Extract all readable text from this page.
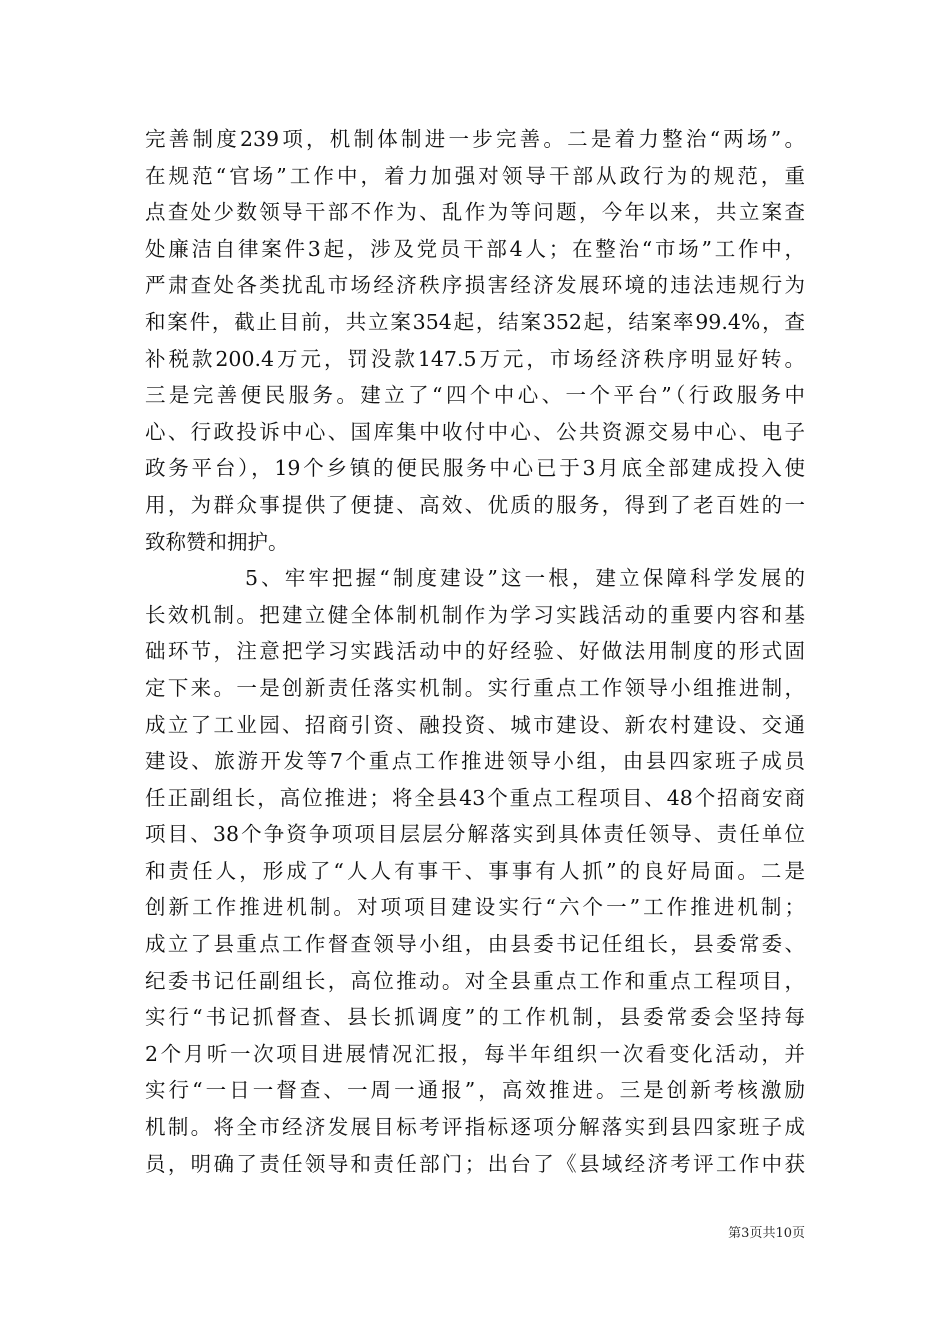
完善制度239项，机制体制进一步完善。二是着力整治“两场”。
在规范“官场”工作中，着力加强对领导干部从政行为的规范，重
点查处少数领导干部不作为、乱作为等问题，今年以来，共立案查
处廉洁自律案件3起，涉及党员干部4人；在整治“市场”工作中，
严肃查处各类扰乱市场经济秩序损害经济发展环境的违法违规行为
和案件，截止目前，共立案354起，结案352起，结案率99.4%，查
补税款200.4万元，罚没款147.5万元，市场经济秩序明显好转。
三是完善便民服务。建立了“四个中心、一个平台”（行政服务中
心、行政投诉中心、国库集中收付中心、公共资源交易中心、电子
政务平台），19个乡镇的便民服务中心已于3月底全部建成投入使
用，为群众事提供了便捷、高效、优质的服务，得到了老百姓的一
致称赞和拥护。
5、牢牢把握“制度建设”这一根，建立保障科学发展的
长效机制。把建立健全体制机制作为学习实践活动的重要内容和基
础环节，注意把学习实践活动中的好经验、好做法用制度的形式固
定下来。一是创新责任落实机制。实行重点工作领导小组推进制，
成立了工业园、招商引资、融投资、城市建设、新农村建设、交通
建设、旅游开发等7个重点工作推进领导小组，由县四家班子成员
任正副组长，高位推进；将全县43个重点工程项目、48个招商安商
项目、38个争资争项项目层层分解落实到具体责任领导、责任单位
和责任人，形成了“人人有事干、事事有人抓”的良好局面。二是
创新工作推进机制。对项项目建设实行“六个一”工作推进机制；
成立了县重点工作督查领导小组，由县委书记任组长，县委常委、
纪委书记任副组长，高位推动。对全县重点工作和重点工程项目，
实行“书记抓督查、县长抓调度”的工作机制，县委常委会坚持每
2个月听一次项目进展情况汇报，每半年组织一次看变化活动，并
实行“一日一督查、一周一通报”，高效推进。三是创新考核激励
机制。将全市经济发展目标考评指标逐项分解落实到县四家班子成
员，明确了责任领导和责任部门；出台了《县域经济考评工作中获
第3页共10页
